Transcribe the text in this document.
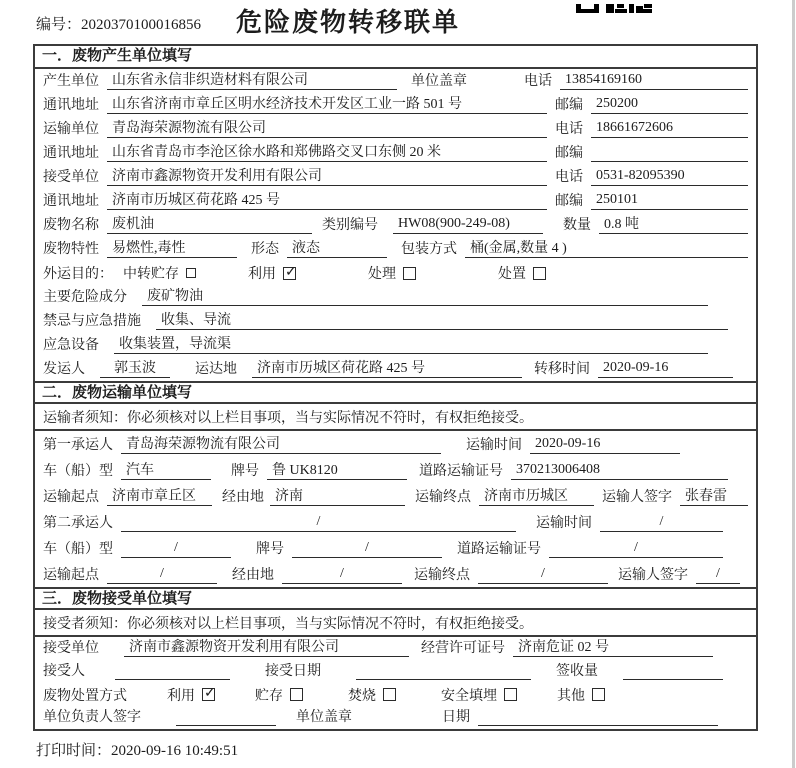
编号：2020370100016856	危险废物转移联单
一．废物产生单位填写
产生单位 山东省永信非织造材料有限公司	单位盖章	电话 13854169160
通讯地址 山东省济南市章丘区明水经济技术开发区工业一路 501 号	邮编 250200
运输单位 青岛海荣源物流有限公司	电话 18661672606
通讯地址 山东省青岛市李沧区徐水路和郑佛路交叉口东侧 20 米	邮编
接受单位 济南市鑫源物资开发利用有限公司	电话 0531-82095390
通讯地址 济南市历城区荷花路 425 号	邮编 250101
废物名称 废机油	类别编号	HW08(900-249-08)	数量 0.8 吨
废物特性 易燃性,毒性	形态 液态	包装方式 桶(金属,数量 4 )
外运目的： 中转贮存	利用 ✓	处理	处置
主要危险成分	废矿物油
禁忌与应急措施	收集、导流
应急设备	收集装置，导流渠
发运人	郭玉波	运达地	济南市历城区荷花路 425 号	转移时间 2020-09-16
二．废物运输单位填写
运输者须知：你必须核对以上栏目事项，当与实际情况不符时，有权拒绝接受。
第一承运人 青岛海荣源物流有限公司	运输时间 2020-09-16
车（船）型 汽车	牌号 鲁 UK8120	道路运输证号 370213006408
运输起点 济南市章丘区	经由地 济南	运输终点 济南市历城区	运输人签字 张春雷
第二承运人	/	运输时间	/
车（船）型	/	牌号	/	道路运输证号	/
运输起点	/	经由地	/	运输终点	/	运输人签字	/
三．废物接受单位填写
接受者须知：你必须核对以上栏目事项，当与实际情况不符时，有权拒绝接受。
接受单位	济南市鑫源物资开发利用有限公司	经营许可证号 济南危证 02 号
接受人	接受日期	签收量
废物处置方式	利用 ✓	贮存	焚烧	安全填埋	其他
单位负责人签字	单位盖章	日期
打印时间：2020-09-16 10:49:51
